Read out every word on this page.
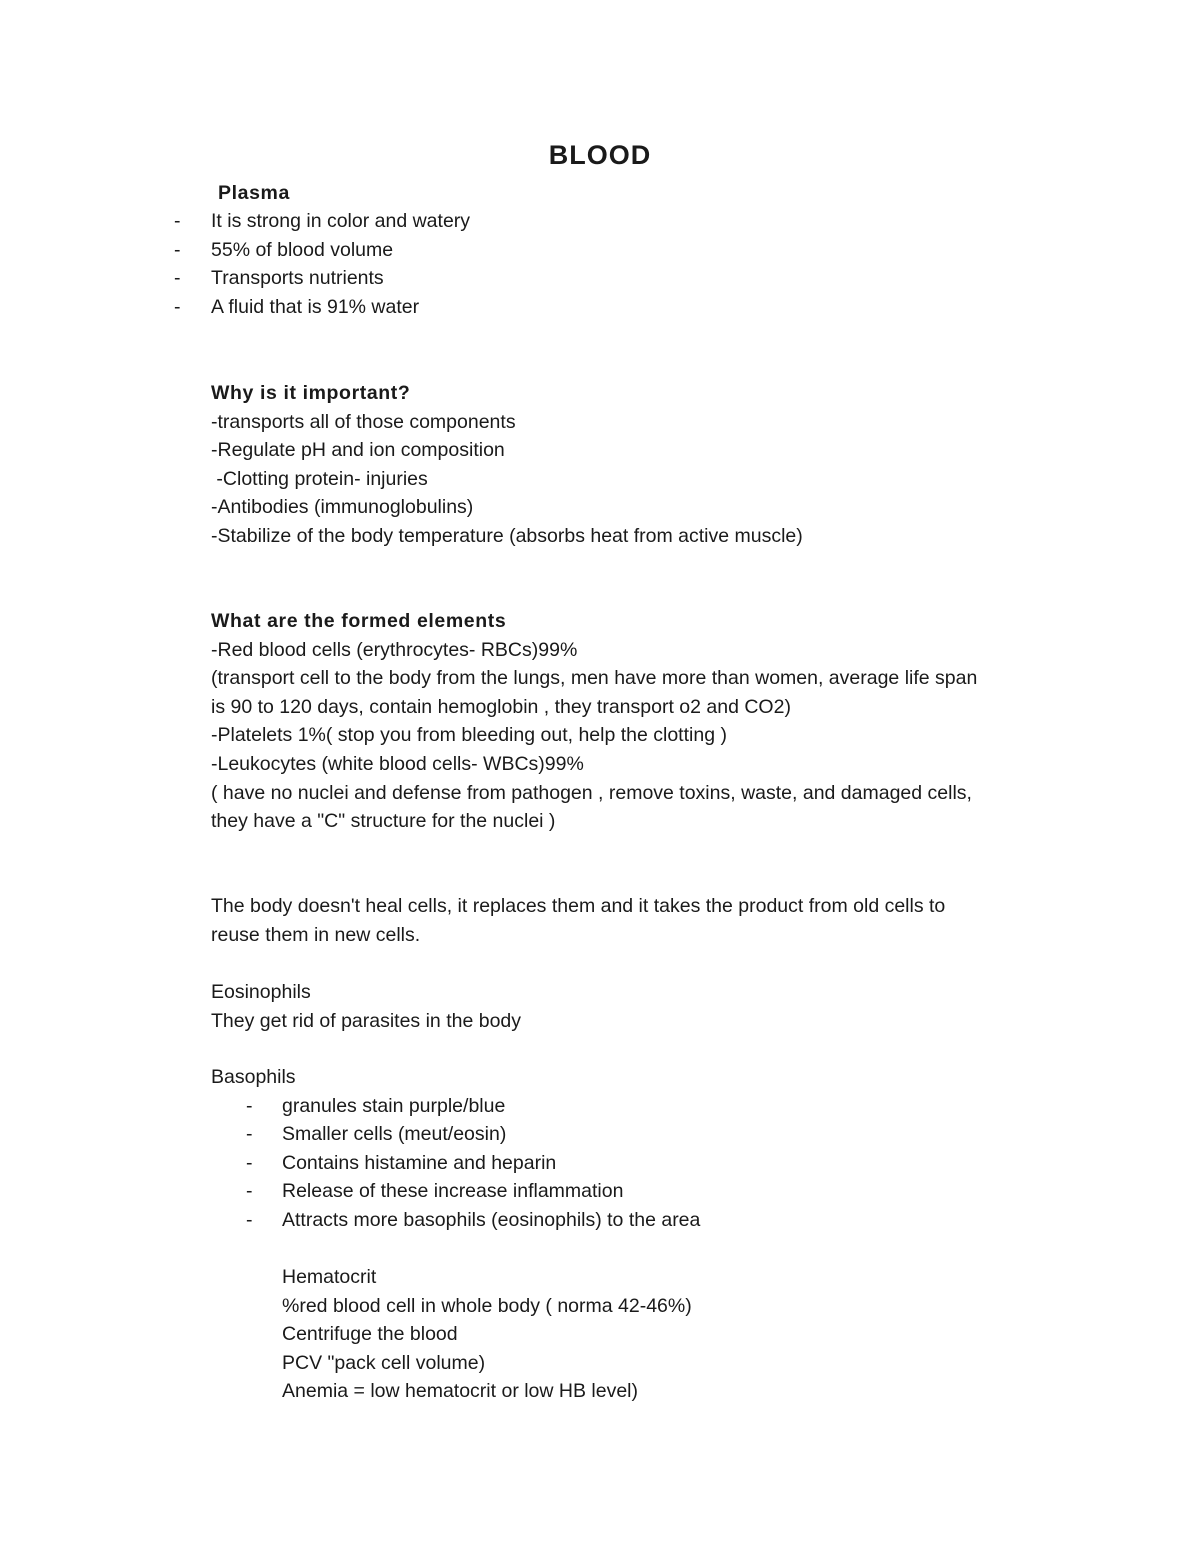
BLOOD
Plasma
- It is strong in color and watery
- 55% of blood volume
- Transports nutrients
- A fluid that is 91% water
Why is it important?
-transports all of those components
-Regulate pH and ion composition
-Clotting protein- injuries
-Antibodies (immunoglobulins)
-Stabilize of the body temperature (absorbs heat from active muscle)
What are the formed elements
-Red blood cells (erythrocytes- RBCs)99%
(transport cell to the body from the lungs, men have more than women, average life span
is 90 to 120 days, contain hemoglobin , they transport o2 and CO2)
-Platelets 1%( stop you from bleeding out, help the clotting )
-Leukocytes (white blood cells- WBCs)99%
( have no nuclei and defense from pathogen , remove toxins, waste, and damaged cells,
they have a "C" structure for the nuclei )
The body doesn't heal cells, it replaces them and it takes the product from old cells to
reuse them in new cells.
Eosinophils
They get rid of parasites in the body
Basophils
- granules stain purple/blue
- Smaller cells (meut/eosin)
- Contains histamine and heparin
- Release of these increase inflammation
- Attracts more basophils (eosinophils) to the area
Hematocrit
%red blood cell in whole body ( norma 42-46%)
Centrifuge the blood
PCV "pack cell volume)
Anemia = low hematocrit or low HB level)
